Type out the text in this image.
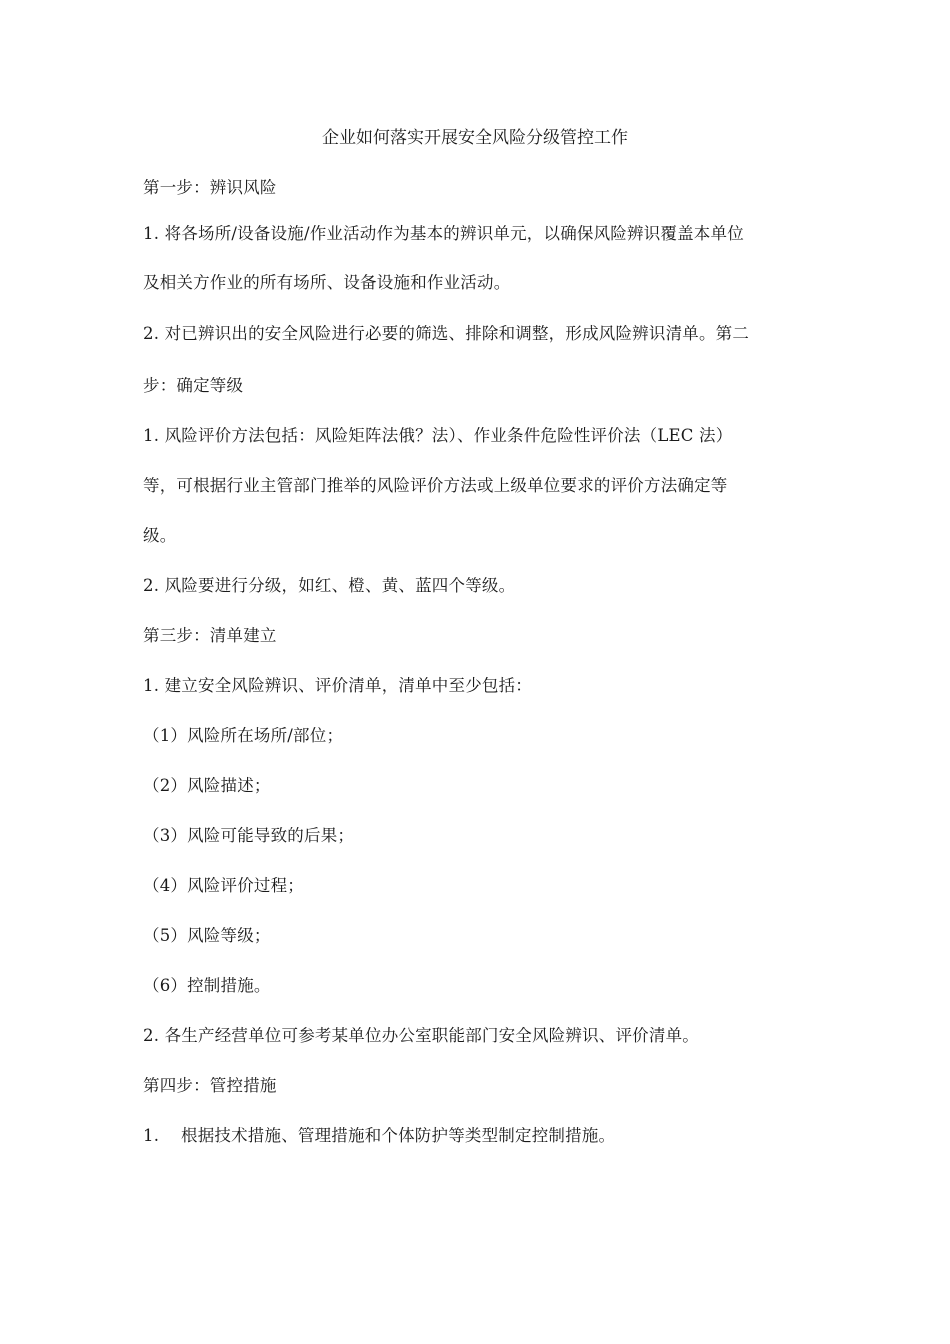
企业如何落实开展安全风险分级管控工作
第一步：辨识风险
1. 将各场所/设备设施/作业活动作为基本的辨识单元，以确保风险辨识覆盖本单位
及相关方作业的所有场所、设备设施和作业活动。
2. 对已辨识出的安全风险进行必要的筛选、排除和调整，形成风险辨识清单。第二
步：确定等级
1. 风险评价方法包括：风险矩阵法俄？法）、作业条件危险性评价法（LEC 法）
等，可根据行业主管部门推举的风险评价方法或上级单位要求的评价方法确定等
级。
2. 风险要进行分级，如红、橙、黄、蓝四个等级。
第三步：清单建立
1. 建立安全风险辨识、评价清单，清单中至少包括：
（1）风险所在场所/部位；
（2）风险描述；
（3）风险可能导致的后果；
（4）风险评价过程；
（5）风险等级；
（6）控制措施。
2. 各生产经营单位可参考某单位办公室职能部门安全风险辨识、评价清单。
第四步：管控措施
1. 根据技术措施、管理措施和个体防护等类型制定控制措施。
